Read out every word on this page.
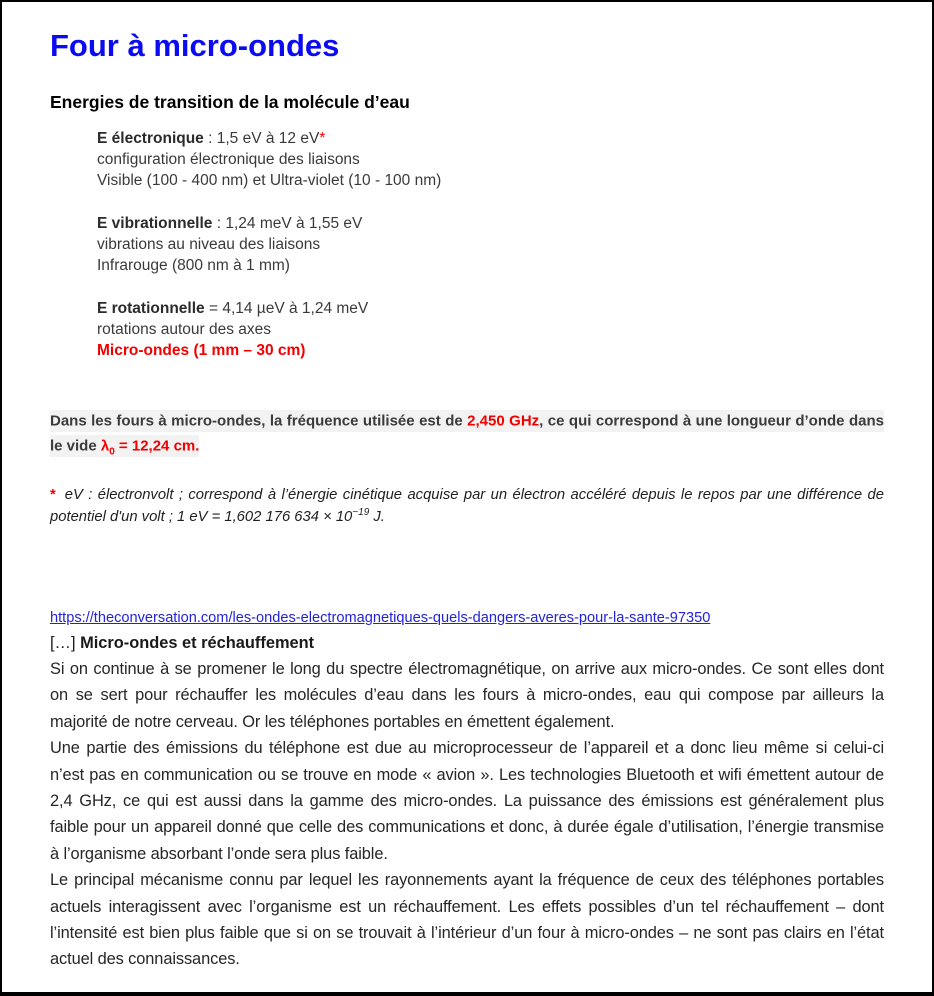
Four à micro-ondes
Energies de transition de la molécule d’eau

E électronique : 1,5 eV à 12 eV*

configuration électronique des liaisons

Visible (100 - 400 nm) et Ultra-violet (10 - 100 nm)

E vibrationnelle : 1,24 meV à 1,55 eV

vibrations au niveau des liaisons

Infrarouge (800 nm à 1 mm)

E rotationnelle = 4,14 µeV à 1,24 meV

rotations autour des axes

Micro-ondes (1 mm – 30 cm)

Dans les fours à micro-ondes, la fréquence utilisée est de 2,450 GHz, ce qui correspond à une longueur d’onde dans le vide $\lambda_0 = 12,24$ cm.

* eV : électronvolt ; correspond à l’énergie cinétique acquise par un électron accéléré depuis le repos par une différence de potentiel d'un volt ; 1 eV = 1,602 176 $634 \times 10^{-19}$ J.

https://theconversation.com/les-ondes-electromagnetiques-quels-dangers-averes-pour-la-sante-97350

[…] Micro-ondes et réchauffement

Si on continue à se promener le long du spectre électromagnétique, on arrive aux micro-ondes. Ce sont elles dont on se sert pour réchauffer les molécules d’eau dans les fours à micro-ondes, eau qui compose par ailleurs la majorité de notre cerveau. Or les téléphones portables en émettent également.

Une partie des émissions du téléphone est due au microprocesseur de l’appareil et a donc lieu même si celui-ci n’est pas en communication ou se trouve en mode « avion ». Les technologies Bluetooth et wifi émettent autour de 2,4 GHz, ce qui est aussi dans la gamme des micro-ondes. La puissance des émissions est généralement plus faible pour un appareil donné que celle des communications et donc, à durée égale d’utilisation, l’énergie transmise à l’organisme absorbant l’onde sera plus faible.

Le principal mécanisme connu par lequel les rayonnements ayant la fréquence de ceux des téléphones portables actuels interagissent avec l’organisme est un réchauffement. Les effets possibles d’un tel réchauffement – dont l’intensité est bien plus faible que si on se trouvait à l’intérieur d’un four à micro-ondes – ne sont pas clairs en l’état actuel des connaissances.
